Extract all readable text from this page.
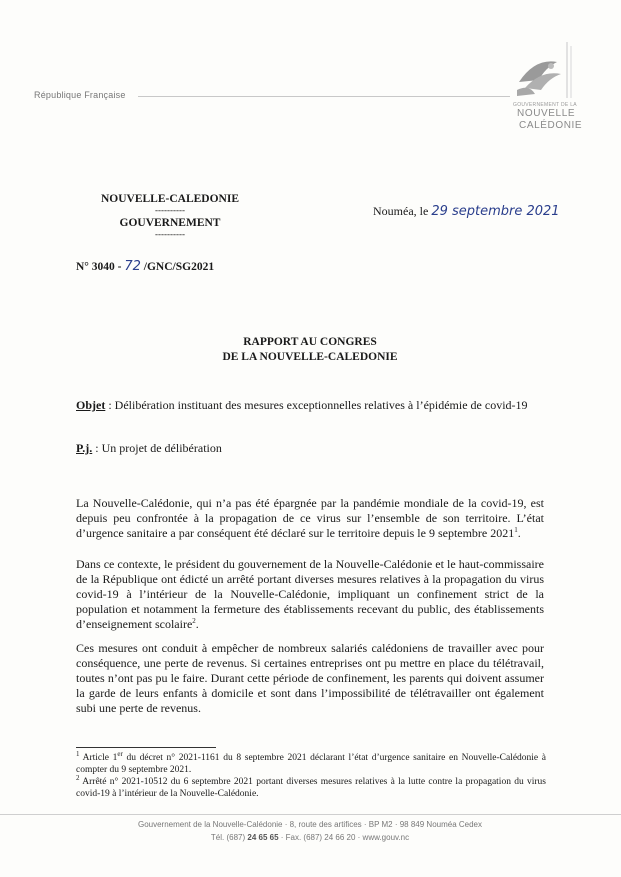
République Française
GOUVERNEMENT DE LA
NOUVELLE
CALÉDONIE
NOUVELLE-CALEDONIE
----------
GOUVERNEMENT
----------
Nouméa, le 29 septembre 2021
N° 3040 - 72 /GNC/SG2021
RAPPORT AU CONGRES
DE LA NOUVELLE-CALEDONIE
Objet : Délibération instituant des mesures exceptionnelles relatives à l’épidémie de covid-19
P.j. : Un projet de délibération
La Nouvelle-Calédonie, qui n’a pas été épargnée par la pandémie mondiale de la covid-19, est depuis peu confrontée à la propagation de ce virus sur l’ensemble de son territoire. L’état d’urgence sanitaire a par conséquent été déclaré sur le territoire depuis le 9 septembre 2021$^1$.
Dans ce contexte, le président du gouvernement de la Nouvelle-Calédonie et le haut-commissaire de la République ont édicté un arrêté portant diverses mesures relatives à la propagation du virus covid-19 à l’intérieur de la Nouvelle-Calédonie, impliquant un confinement strict de la population et notamment la fermeture des établissements recevant du public, des établissements d’enseignement scolaire$^2$.
Ces mesures ont conduit à empêcher de nombreux salariés calédoniens de travailler avec pour conséquence, une perte de revenus. Si certaines entreprises ont pu mettre en place du télétravail, toutes n’ont pas pu le faire. Durant cette période de confinement, les parents qui doivent assumer la garde de leurs enfants à domicile et sont dans l’impossibilité de télétravailler ont également subi une perte de revenus.

$^1$ Article 1er du décret n° 2021-1161 du 8 septembre 2021 déclarant l’état d’urgence sanitaire en Nouvelle-Calédonie à compter du 9 septembre 2021.

$^2$ Arrêté n° 2021-10512 du 6 septembre 2021 portant diverses mesures relatives à la lutte contre la propagation du virus covid-19 à l’intérieur de la Nouvelle-Calédonie.

Gouvernement de la Nouvelle-Calédonie · 8, route des artifices · BP M2 · 98 849 Nouméa Cedex
Tél. (687) 24 65 65 · Fax. (687) 24 66 20 · www.gouv.nc
